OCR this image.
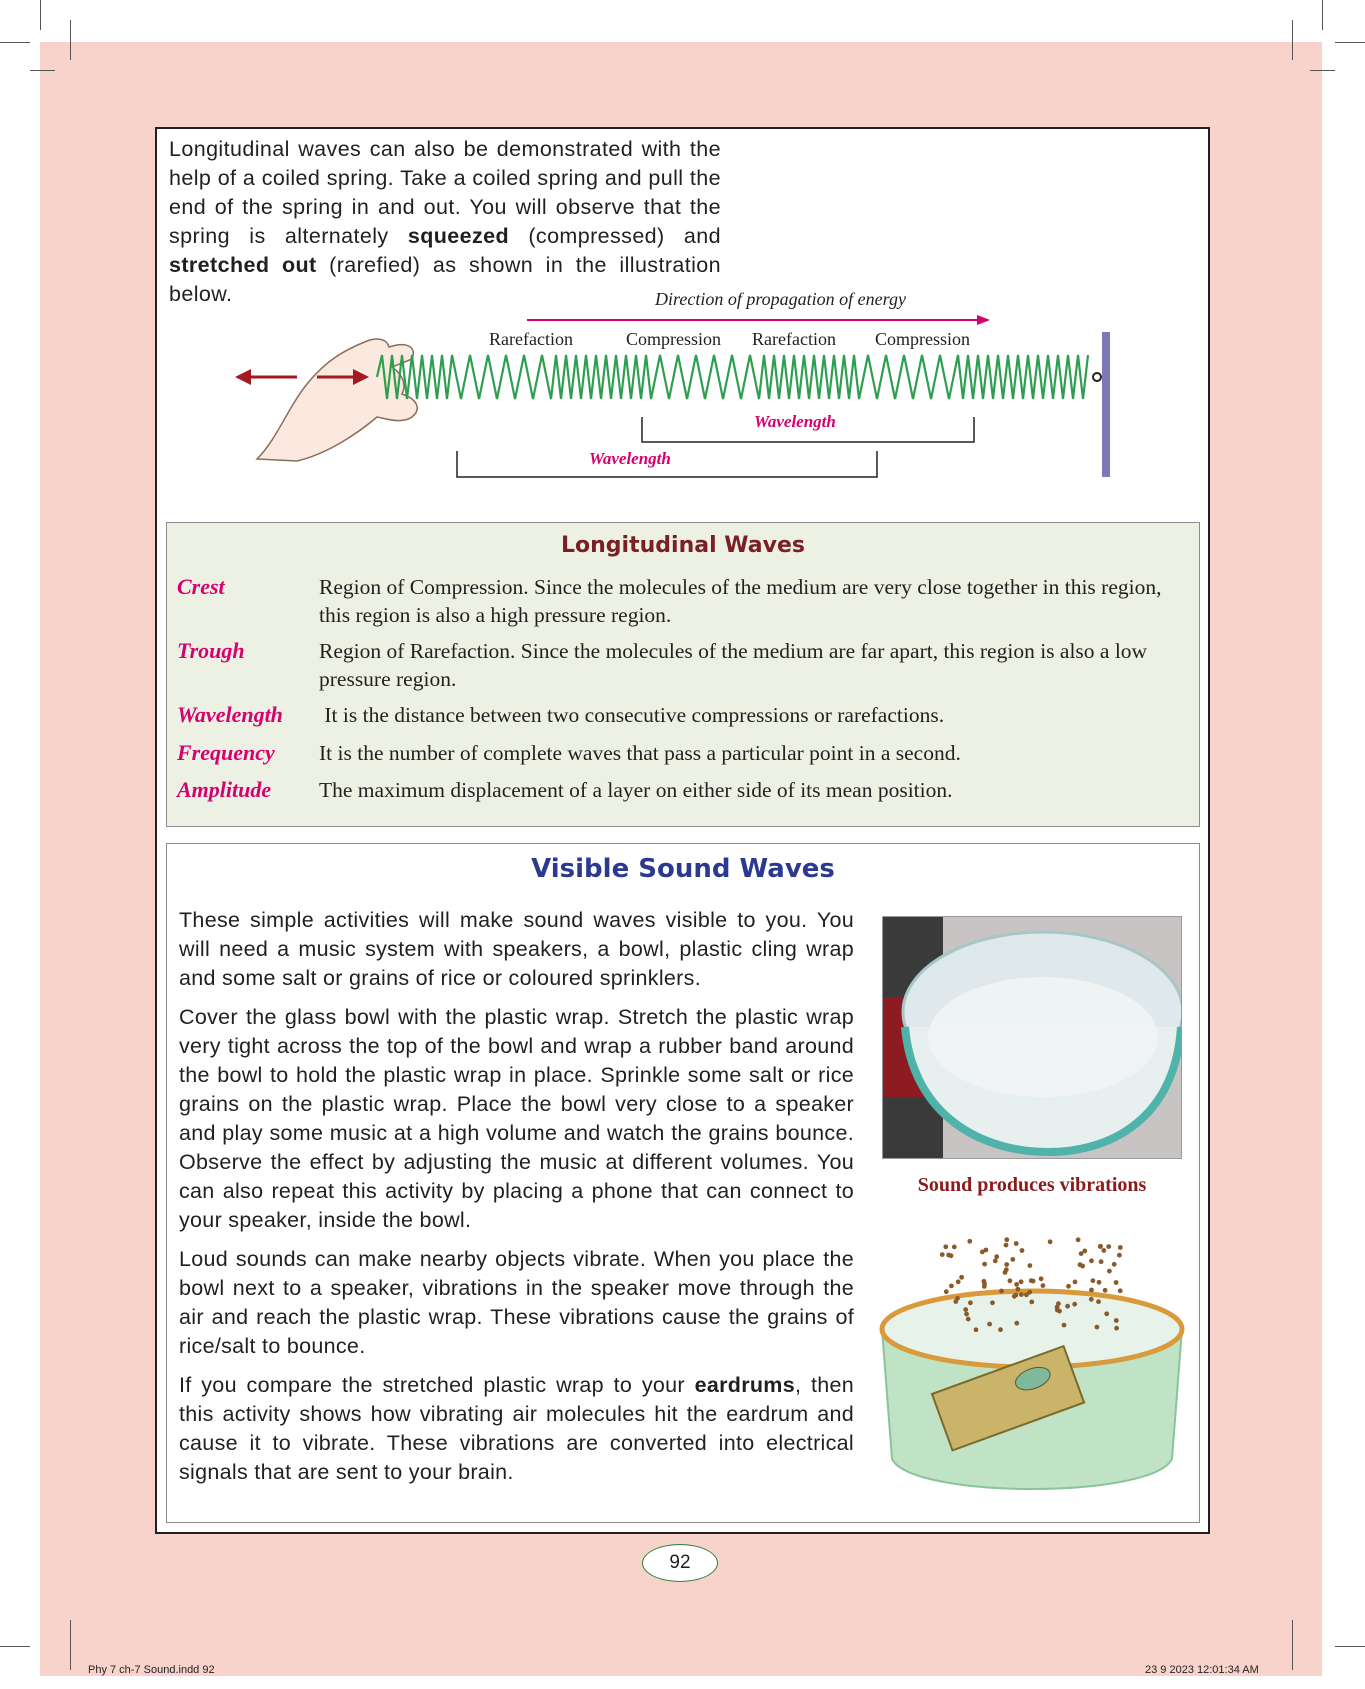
Longitudinal waves can also be demonstrated with the help of a coiled spring. Take a coiled spring and pull the end of the spring in and out. You will observe that the spring is alternately squeezed (compressed) and stretched out (rarefied) as shown in the illustration below.	Direction of propagation of energy
Rarefaction	Compression Rarefaction Compression
Wavelength
Wavelength
Longitudinal Waves
Crest	Region of Compression. Since the molecules of the medium are very close together in this region, this region is also a high pressure region.
Trough	Region of Rarefaction. Since the molecules of the medium are far apart, this region is also a low pressure region.
Wavelength	It is the distance between two consecutive compressions or rarefactions.
Frequency	It is the number of complete waves that pass a particular point in a second.
Amplitude	The maximum displacement of a layer on either side of its mean position.
Visible Sound Waves

These simple activities will make sound waves visible to you. You will need a music system with speakers, a bowl, plastic cling wrap and some salt or grains of rice or coloured sprinklers.

Cover the glass bowl with the plastic wrap. Stretch the plastic wrap very tight across the top of the bowl and wrap a rubber band around the bowl to hold the plastic wrap in place. Sprinkle some salt or rice grains on the plastic wrap. Place the bowl very close to a speaker and play some music at a high volume and watch the grains bounce. Observe the effect by adjusting the music at different volumes. You can also repeat this activity by placing a phone that can connect to your speaker, inside the bowl.

Loud sounds can make nearby objects vibrate. When you place the bowl next to a speaker, vibrations in the speaker move through the air and reach the plastic wrap. These vibrations cause the grains of rice/salt to bounce.

If you compare the stretched plastic wrap to your eardrums, then this activity shows how vibrating air molecules hit the eardrum and cause it to vibrate. These vibrations are converted into electrical signals that are sent to your brain.

Sound produces vibrations
92
Phy 7 ch-7 Sound.indd 92	23 9 2023 12:01:34 AM
